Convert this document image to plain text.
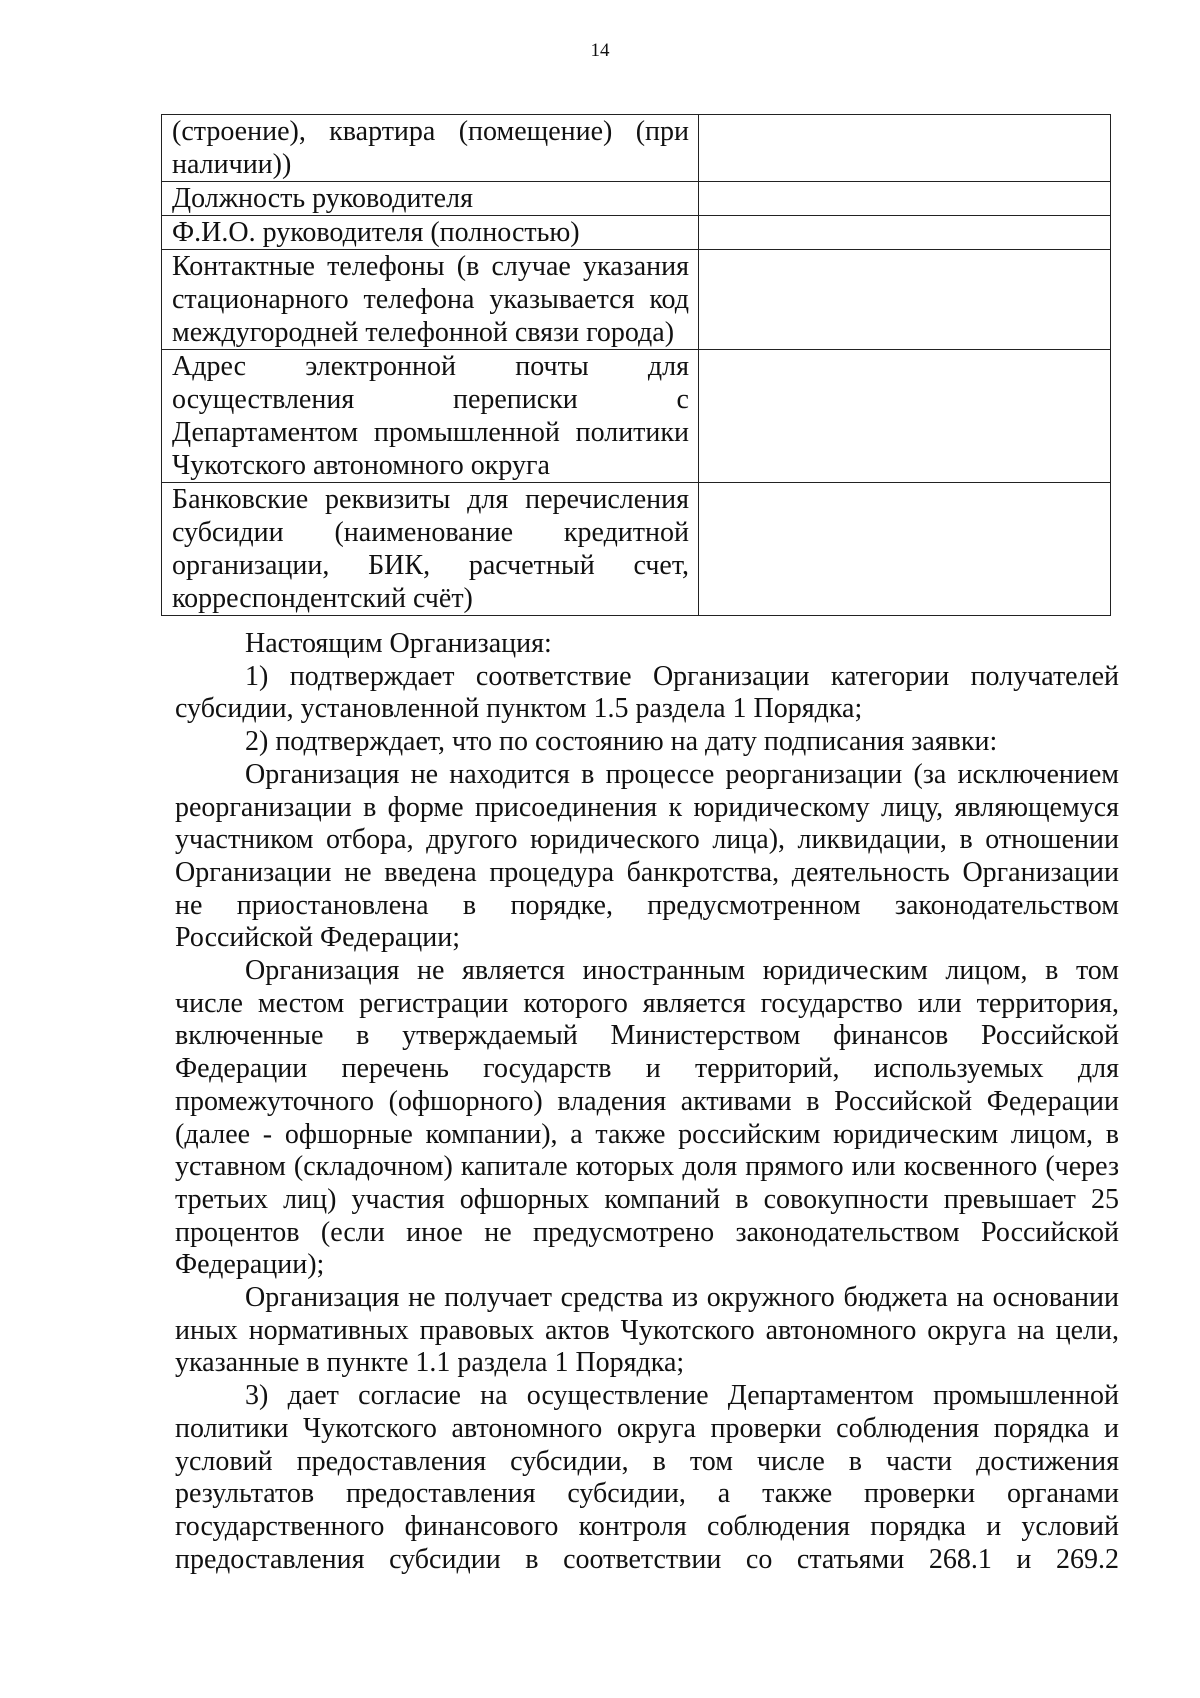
14
(строение), квартира (помещение) (при наличии))	
Должность руководителя	
Ф.И.О. руководителя (полностью)	
Контактные телефоны (в случае указания стационарного телефона указывается код междугородней телефонной связи города)	
Адрес электронной почты для осуществления переписки с Департаментом промышленной политики Чукотского автономного округа	
Банковские реквизиты для перечисления субсидии (наименование кредитной организации, БИК, расчетный счет, корреспондентский счёт)	

Настоящим Организация:

1) подтверждает соответствие Организации категории получателей субсидии, установленной пунктом 1.5 раздела 1 Порядка;

2) подтверждает, что по состоянию на дату подписания заявки:

Организация не находится в процессе реорганизации (за исключением реорганизации в форме присоединения к юридическому лицу, являющемуся участником отбора, другого юридического лица), ликвидации, в отношении Организации не введена процедура банкротства, деятельность Организации не приостановлена в порядке, предусмотренном законодательством Российской Федерации;

Организация не является иностранным юридическим лицом, в том числе местом регистрации которого является государство или территория, включенные в утверждаемый Министерством финансов Российской Федерации перечень государств и территорий, используемых для промежуточного (офшорного) владения активами в Российской Федерации (далее - офшорные компании), а также российским юридическим лицом, в уставном (складочном) капитале которых доля прямого или косвенного (через третьих лиц) участия офшорных компаний в совокупности превышает 25 процентов (если иное не предусмотрено законодательством Российской Федерации);

Организация не получает средства из окружного бюджета на основании иных нормативных правовых актов Чукотского автономного округа на цели, указанные в пункте 1.1 раздела 1 Порядка;

3) дает согласие на осуществление Департаментом промышленной политики Чукотского автономного округа проверки соблюдения порядка и условий предоставления субсидии, в том числе в части достижения результатов предоставления субсидии, а также проверки органами государственного финансового контроля соблюдения порядка и условий предоставления субсидии в соответствии со статьями 268.1 и 269.2
